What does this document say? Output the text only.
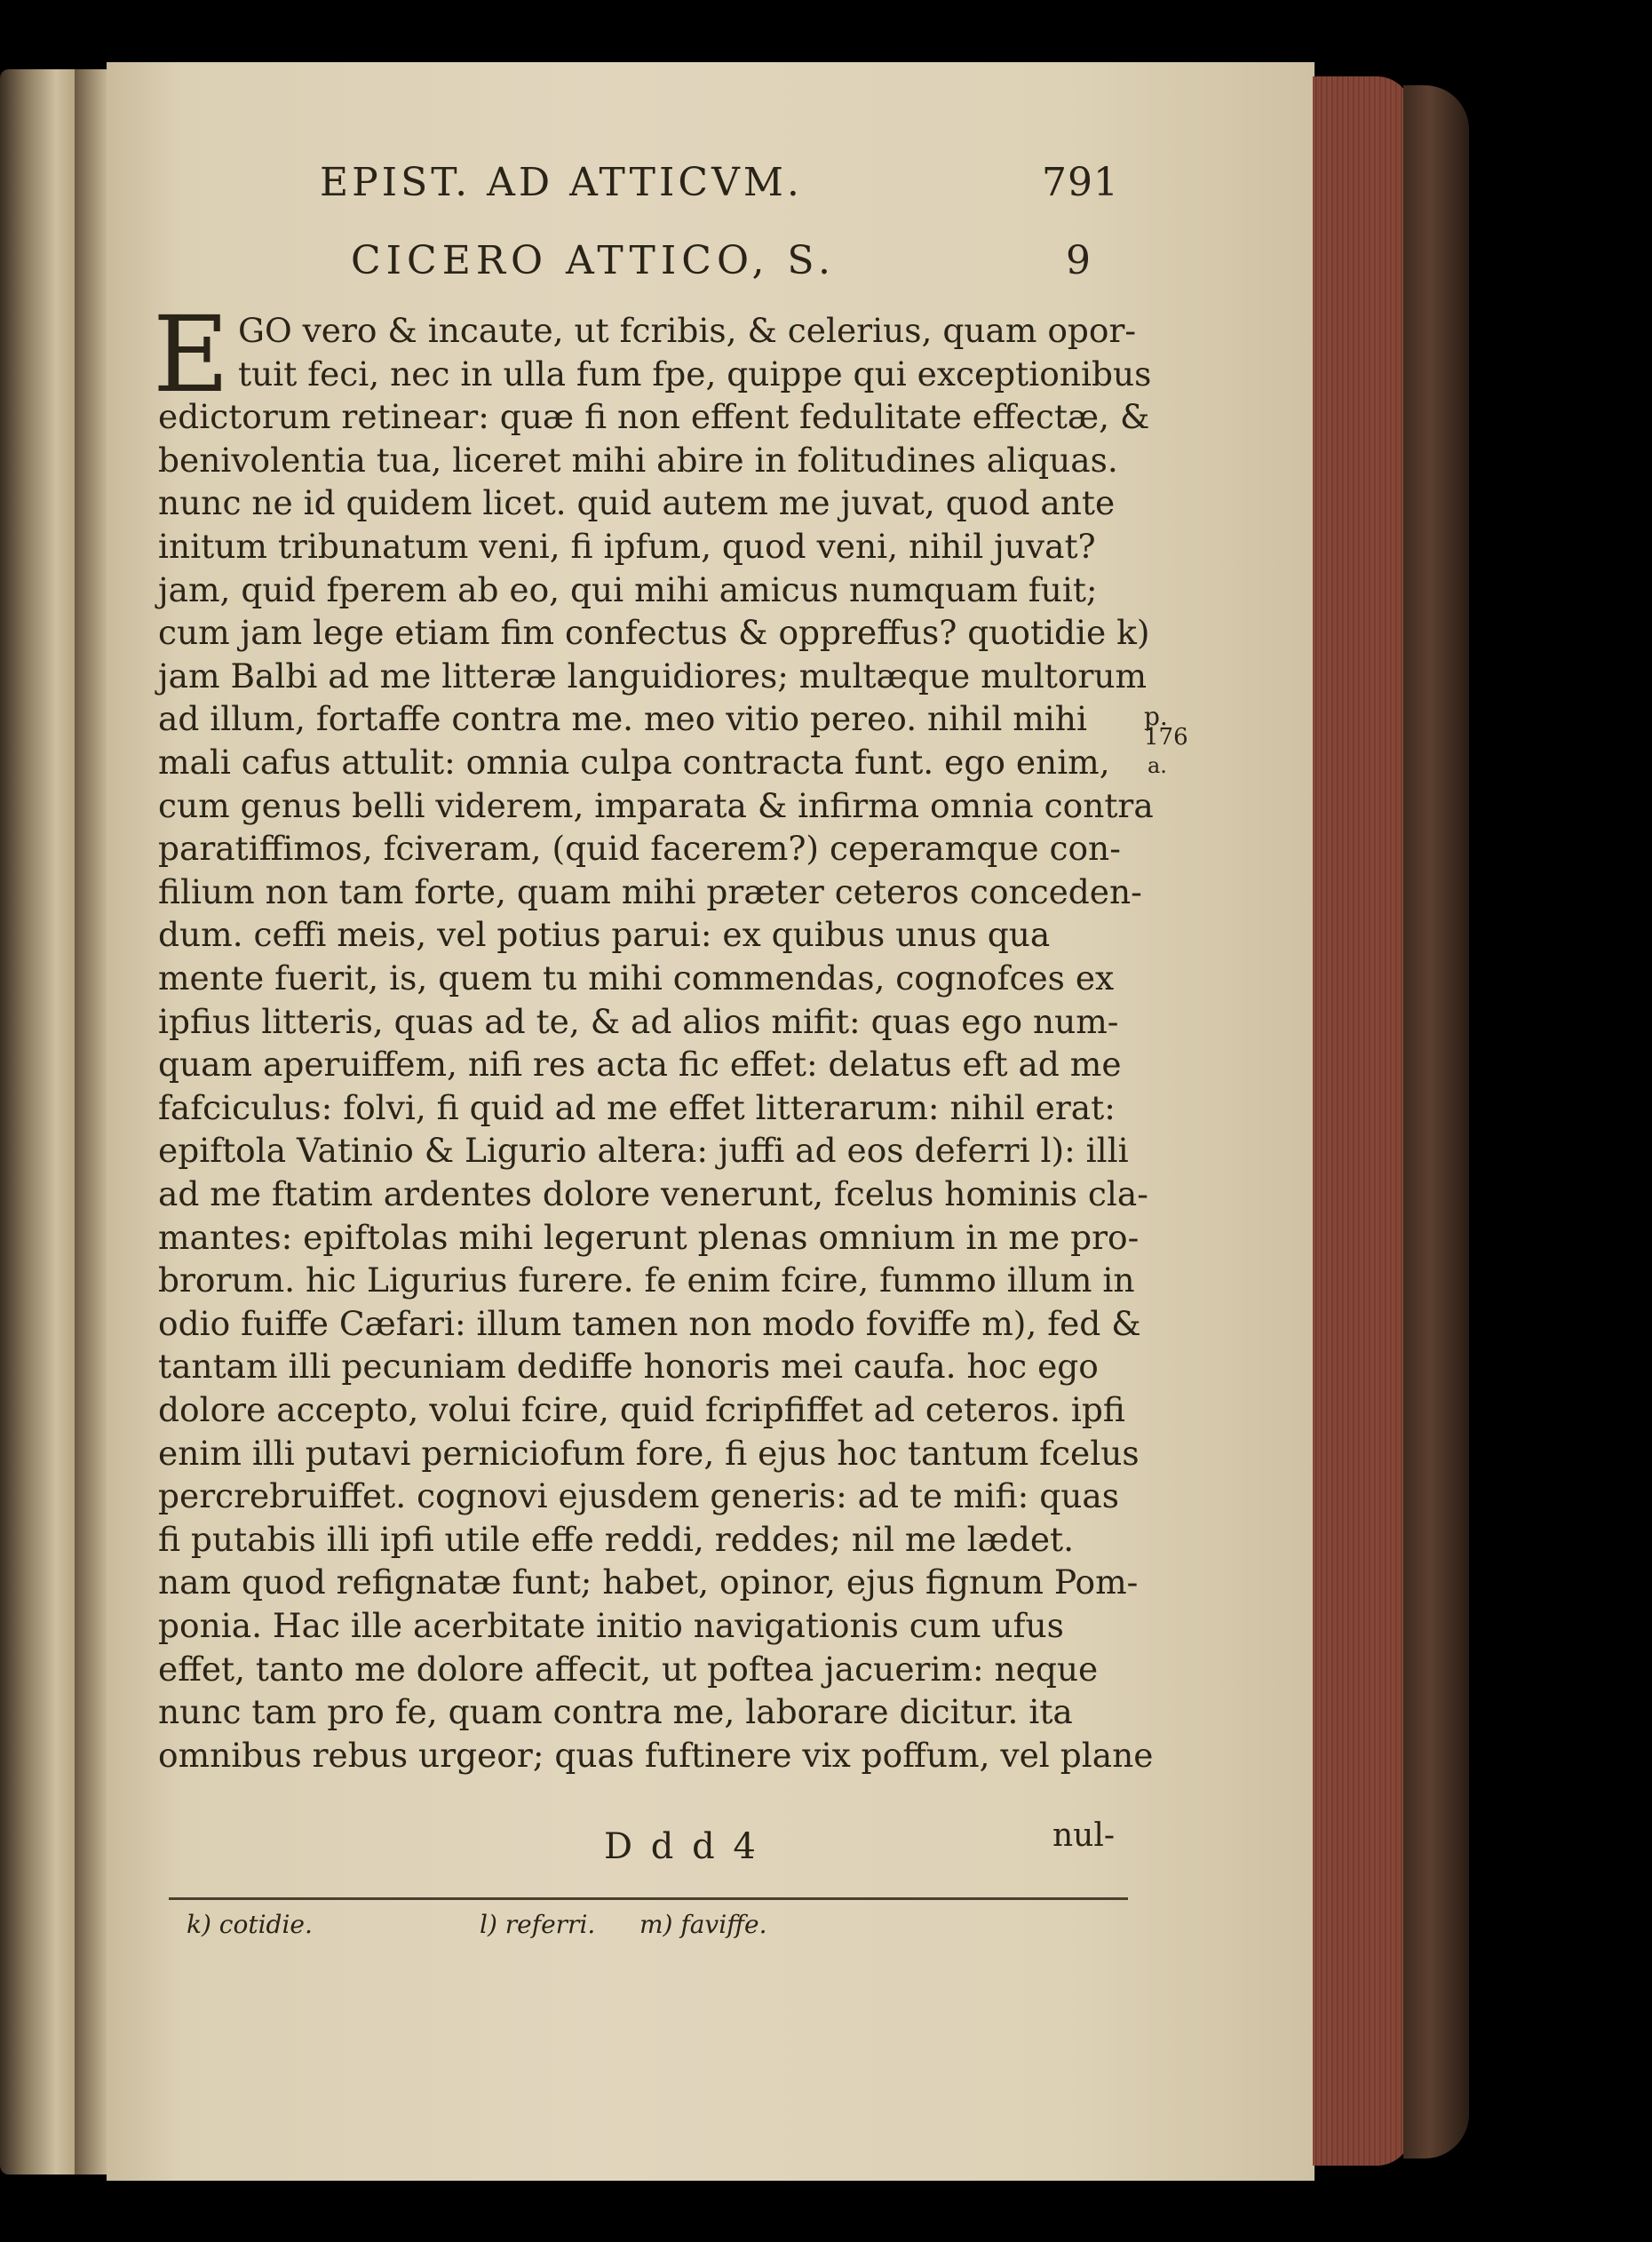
EPIST. AD ATTICVM.	791
CICERO ATTICO, S.	9
E GO vero & incaute, ut fcribis, & celerius, quam opor-
tuit feci, nec in ulla fum fpe, quippe qui exceptionibus
edictorum retinear: quæ fi non effent fedulitate effectæ, &
benivolentia tua, liceret mihi abire in folitudines aliquas.
nunc ne id quidem licet. quid autem me juvat, quod ante
initum tribunatum veni, fi ipfum, quod veni, nihil juvat?
jam, quid fperem ab eo, qui mihi amicus numquam fuit;
cum jam lege etiam fim confectus & oppreffus? quotidie k)
jam Balbi ad me litteræ languidiores; multæque multorum
ad illum, fortaffe contra me. meo vitio pereo. nihil mihi
mali cafus attulit: omnia culpa contracta funt. ego enim,
cum genus belli viderem, imparata & infirma omnia contra
paratiffimos, fciveram, (quid facerem?) ceperamque con-
filium non tam forte, quam mihi præter ceteros conceden-
dum. ceffi meis, vel potius parui: ex quibus unus qua
mente fuerit, is, quem tu mihi commendas, cognofces ex
ipfius litteris, quas ad te, & ad alios mifit: quas ego num-
quam aperuiffem, nifi res acta fic effet: delatus eft ad me
fafciculus: folvi, fi quid ad me effet litterarum: nihil erat:
epiftola Vatinio & Ligurio altera: juffi ad eos deferri l): illi
ad me ftatim ardentes dolore venerunt, fcelus hominis cla-
mantes: epiftolas mihi legerunt plenas omnium in me pro-
brorum. hic Ligurius furere. fe enim fcire, fummo illum in
odio fuiffe Cæfari: illum tamen non modo foviffe m), fed &
tantam illi pecuniam dediffe honoris mei caufa. hoc ego
dolore accepto, volui fcire, quid fcripfiffet ad ceteros. ipfi
enim illi putavi perniciofum fore, fi ejus hoc tantum fcelus
percrebruiffet. cognovi ejusdem generis: ad te mifi: quas
fi putabis illi ipfi utile effe reddi, reddes; nil me lædet.
nam quod refignatæ funt; habet, opinor, ejus fignum Pom-
ponia. Hac ille acerbitate initio navigationis cum ufus
effet, tanto me dolore affecit, ut poftea jacuerim: neque
nunc tam pro fe, quam contra me, laborare dicitur. ita
omnibus rebus urgeor; quas fuftinere vix poffum, vel plane
p.
176
a.
D d d 4	nul-
k) cotidie.	l) referri. m) faviffe.
